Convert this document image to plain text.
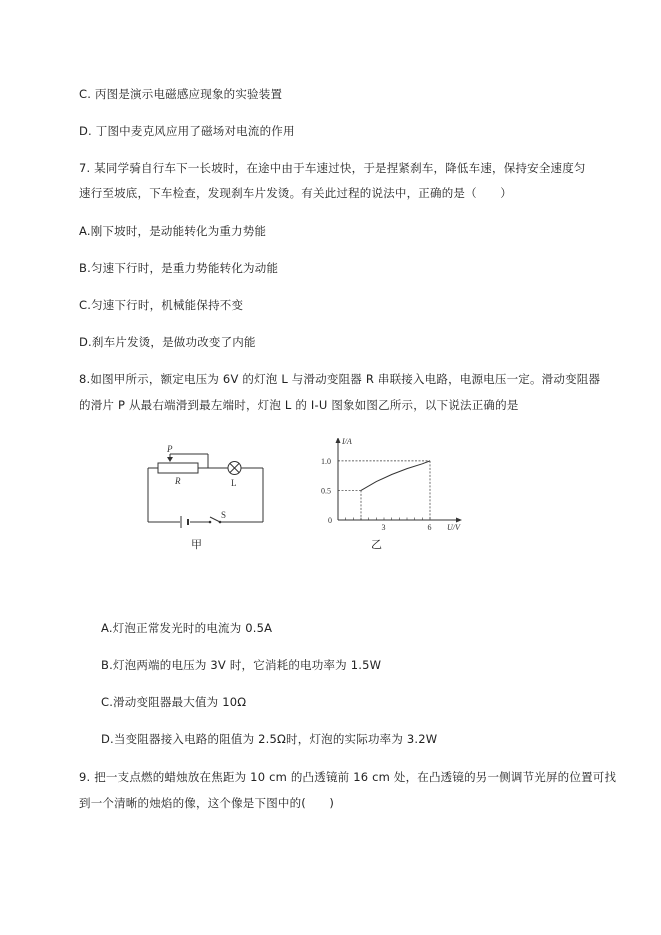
C. 丙图是演示电磁感应现象的实验装置
D. 丁图中麦克风应用了磁场对电流的作用
7. 某同学骑自行车下一长坡时，在途中由于车速过快，于是捏紧刹车，降低车速，保持安全速度匀
速行至坡底，下车检查，发现刹车片发烫。有关此过程的说法中，正确的是（　　）
A.刚下坡时，是动能转化为重力势能
B.匀速下行时，是重力势能转化为动能
C.匀速下行时，机械能保持不变
D.刹车片发烫，是做功改变了内能
8.如图甲所示，额定电压为 6V 的灯泡 L 与滑动变阻器 R 串联接入电路，电源电压一定。滑动变阻器
的滑片 P 从最右端滑到最左端时，灯泡 L 的 I-U 图象如图乙所示，以下说法正确的是
P
R	L
S
甲
0
3	6
0.5
1.0
U/V
I/A
乙
A.灯泡正常发光时的电流为 0.5A
B.灯泡两端的电压为 3V 时，它消耗的电功率为 1.5W
C.滑动变阻器最大值为 10Ω
D.当变阻器接入电路的阻值为 2.5Ω时，灯泡的实际功率为 3.2W
9. 把一支点燃的蜡烛放在焦距为 10 cm 的凸透镜前 16 cm 处，在凸透镜的另一侧调节光屏的位置可找
到一个清晰的烛焰的像，这个像是下图中的(　　)
